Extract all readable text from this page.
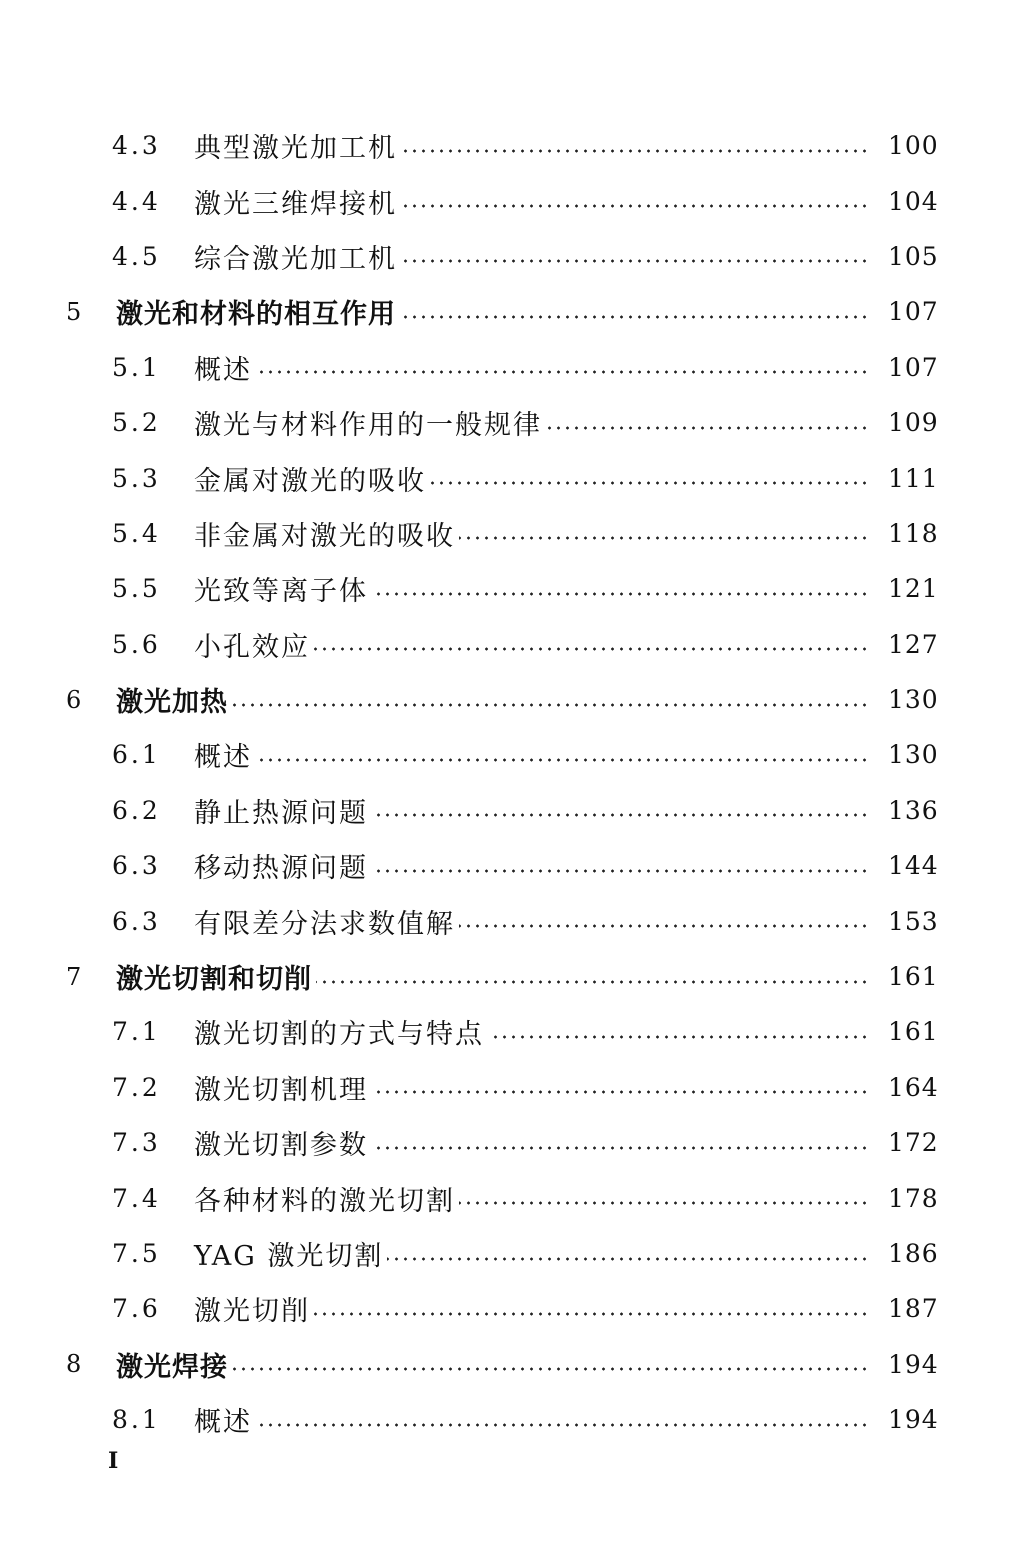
4.3 典型激光加工机	100
4.4 激光三维焊接机	104
4.5 综合激光加工机	105
5 激光和材料的相互作用	107
5.1 概述	107
5.2 激光与材料作用的一般规律	109
5.3 金属对激光的吸收	111
5.4 非金属对激光的吸收	118
5.5 光致等离子体	121
5.6 小孔效应	127
6 激光加热	130
6.1 概述	130
6.2 静止热源问题	136
6.3 移动热源问题	144
6.3 有限差分法求数值解	153
7 激光切割和切削	161
7.1 激光切割的方式与特点	161
7.2 激光切割机理	164
7.3 激光切割参数	172
7.4 各种材料的激光切割	178
7.5 YAG 激光切割	186
7.6 激光切削	187
8 激光焊接	194
8.1 概述	194
I
